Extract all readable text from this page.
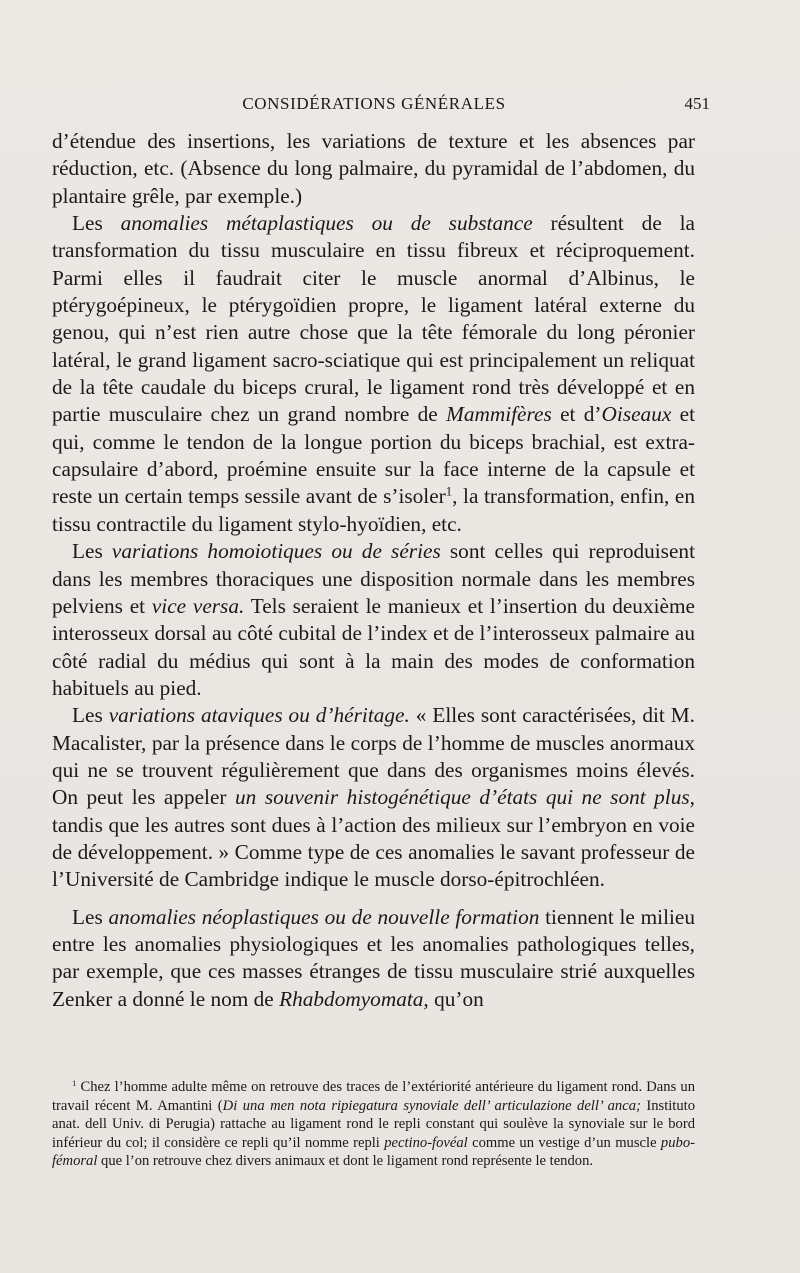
CONSIDÉRATIONS GÉNÉRALES	451

d’étendue des insertions, les variations de texture et les absences par réduction, etc. (Absence du long palmaire, du pyramidal de l’abdomen, du plantaire grêle, par exemple.)

Les anomalies métaplastiques ou de substance résultent de la transformation du tissu musculaire en tissu fibreux et réciproquement. Parmi elles il faudrait citer le muscle anormal d’Albinus, le ptérygoépineux, le ptérygoïdien propre, le ligament latéral externe du genou, qui n’est rien autre chose que la tête fémorale du long péronier latéral, le grand ligament sacro-sciatique qui est principalement un reliquat de la tête caudale du biceps crural, le ligament rond très développé et en partie musculaire chez un grand nombre de Mammifères et d’Oiseaux et qui, comme le tendon de la longue portion du biceps brachial, est extra-capsulaire d’abord, proémine ensuite sur la face interne de la capsule et reste un certain temps sessile avant de s’isoler$^1$, la transformation, enfin, en tissu contractile du ligament stylo-hyoïdien, etc.

Les variations homoiotiques ou de séries sont celles qui reproduisent dans les membres thoraciques une disposition normale dans les membres pelviens et vice versa. Tels seraient le manieux et l’insertion du deuxième interosseux dorsal au côté cubital de l’index et de l’interosseux palmaire au côté radial du médius qui sont à la main des modes de conformation habituels au pied.

Les variations ataviques ou d’héritage. « Elles sont caractérisées, dit M. Macalister, par la présence dans le corps de l’homme de muscles anormaux qui ne se trouvent régulièrement que dans des organismes moins élevés. On peut les appeler un souvenir histogénétique d’états qui ne sont plus, tandis que les autres sont dues à l’action des milieux sur l’embryon en voie de développement. » Comme type de ces anomalies le savant professeur de l’Université de Cambridge indique le muscle dorso-épitrochléen.

Les anomalies néoplastiques ou de nouvelle formation tiennent le milieu entre les anomalies physiologiques et les anomalies pathologiques telles, par exemple, que ces masses étranges de tissu musculaire strié auxquelles Zenker a donné le nom de Rhabdomyomata, qu’on

$^1$ Chez l’homme adulte même on retrouve des traces de l’extériorité antérieure du ligament rond. Dans un travail récent M. Amantini (Di una men nota ripiegatura synoviale dell’ articulazione dell’ anca; Instituto anat. dell Univ. di Perugia) rattache au ligament rond le repli constant qui soulève la synoviale sur le bord inférieur du col; il considère ce repli qu’il nomme repli pectino-fovéal comme un vestige d’un muscle pubo-fémoral que l’on retrouve chez divers animaux et dont le ligament rond représente le tendon.
